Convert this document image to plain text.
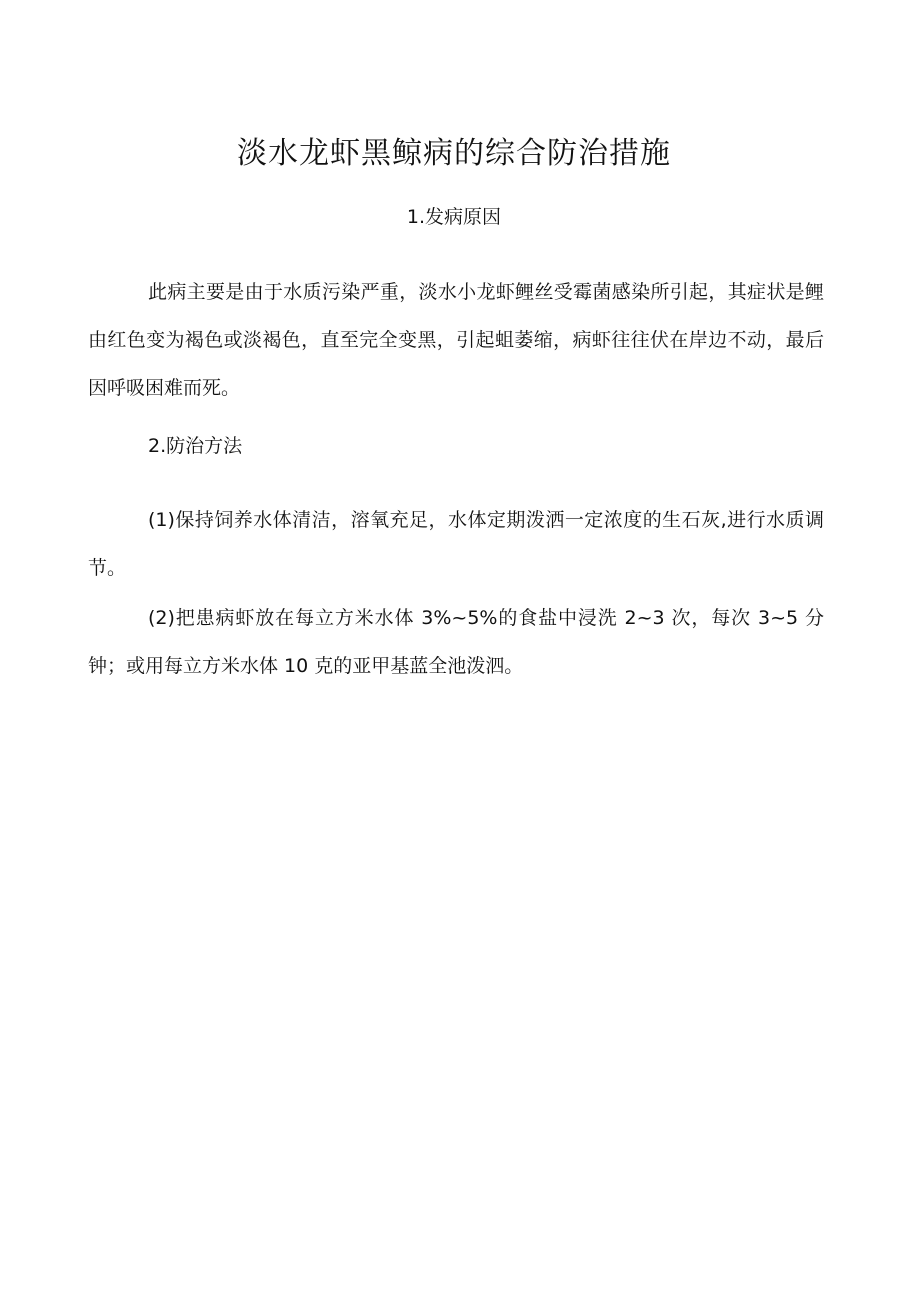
淡水龙虾黑鲸病的综合防治措施
1.发病原因

此病主要是由于水质污染严重，淡水小龙虾鲤丝受霉菌感染所引起，其症状是鲤由红色变为褐色或淡褐色，直至完全变黑，引起蛆萎缩，病虾往往伏在岸边不动，最后因呼吸困难而死。

2.防治方法

(1)保持饲养水体清洁，溶氧充足，水体定期泼洒一定浓度的生石灰,进行水质调节。

(2)把患病虾放在每立方米水体 3%~5%的食盐中浸洗 2~3 次，每次 3~5 分钟；或用每立方米水体 10 克的亚甲基蓝全池泼泗。
